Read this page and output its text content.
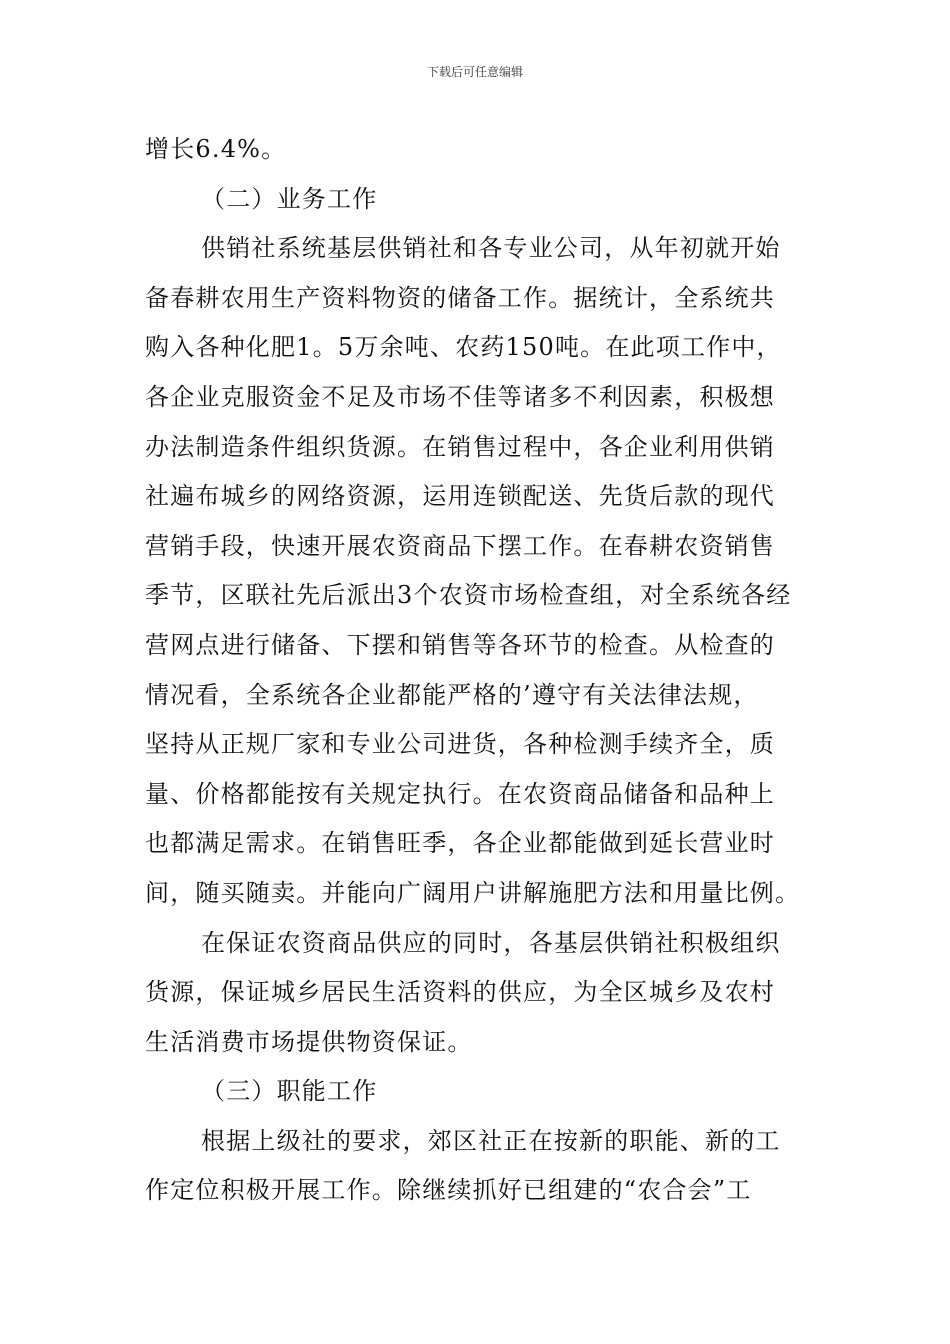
下载后可任意编辑
增长6.4%。
（二）业务工作
供销社系统基层供销社和各专业公司，从年初就开始
备春耕农用生产资料物资的储备工作。据统计，全系统共
购入各种化肥1。5万余吨、农药150吨。在此项工作中，
各企业克服资金不足及市场不佳等诸多不利因素，积极想
办法制造条件组织货源。在销售过程中，各企业利用供销
社遍布城乡的网络资源，运用连锁配送、先货后款的现代
营销手段，快速开展农资商品下摆工作。在春耕农资销售
季节，区联社先后派出3个农资市场检查组，对全系统各经
营网点进行储备、下摆和销售等各环节的检查。从检查的
情况看，全系统各企业都能严格的’遵守有关法律法规，
坚持从正规厂家和专业公司进货，各种检测手续齐全，质
量、价格都能按有关规定执行。在农资商品储备和品种上
也都满足需求。在销售旺季，各企业都能做到延长营业时
间，随买随卖。并能向广阔用户讲解施肥方法和用量比例。
在保证农资商品供应的同时，各基层供销社积极组织
货源，保证城乡居民生活资料的供应，为全区城乡及农村
生活消费市场提供物资保证。
（三）职能工作
根据上级社的要求，郊区社正在按新的职能、新的工
作定位积极开展工作。除继续抓好已组建的“农合会”工
